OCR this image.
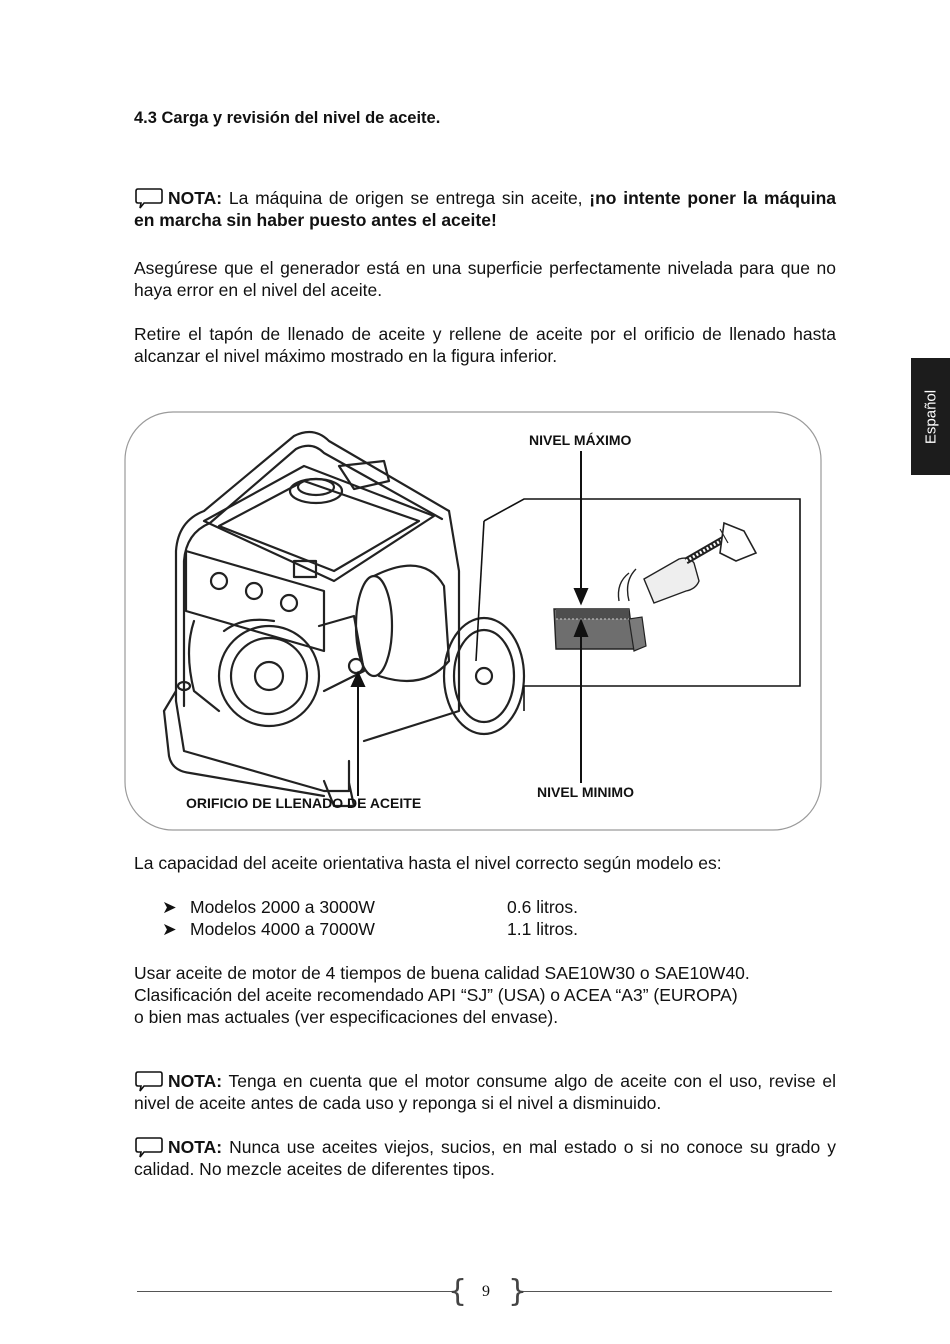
4.3 Carga y revisión del nivel de aceite.
Español
NOTA: La máquina de origen se entrega sin aceite, ¡no intente poner la máquina en marcha sin haber puesto antes el aceite!
Asegúrese que el generador está en una superficie perfectamente nivelada para que no haya error en el nivel del aceite.
Retire el tapón de llenado de aceite y rellene de aceite por el orificio de llenado hasta alcanzar el nivel máximo mostrado en la figura inferior.
NIVEL MÁXIMO
NIVEL MINIMO
ORIFICIO DE LLENADO DE ACEITE
La capacidad del aceite orientativa hasta el nivel correcto según modelo es:
➤ Modelos 2000 a 3000W	0.6 litros.
➤ Modelos 4000 a 7000W	1.1 litros.
Usar aceite de motor de 4 tiempos de buena calidad SAE10W30 o SAE10W40.
Clasificación del aceite recomendado API “SJ” (USA) o ACEA “A3” (EUROPA)
o bien mas actuales (ver especificaciones del envase).
NOTA: Tenga en cuenta que el motor consume algo de aceite con el uso, revise el nivel de aceite antes de cada uso y reponga si el nivel a disminuido.
NOTA: Nunca use aceites viejos, sucios, en mal estado o si no conoce su grado y calidad. No mezcle aceites de diferentes tipos.
{ }
9
